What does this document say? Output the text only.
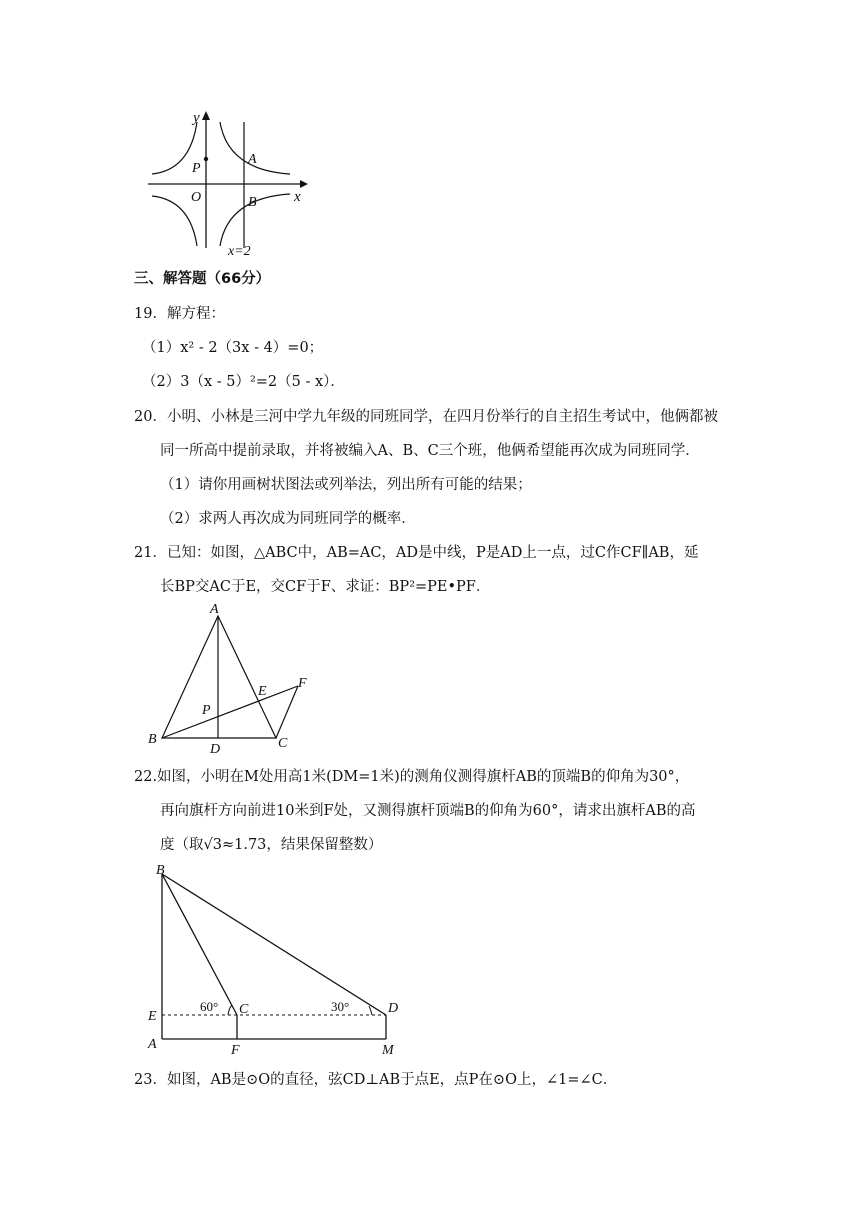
y
x
P
O
A
B
x=2
三、解答题（66分）
19．解方程：
（1）x² ‑ 2（3x ‑ 4）=0；
（2）3（x ‑ 5）²=2（5 ‑ x）．
20．小明、小林是三河中学九年级的同班同学，在四月份举行的自主招生考试中，他俩都被
同一所高中提前录取，并将被编入A、B、C三个班，他俩希望能再次成为同班同学．
（1）请你用画树状图法或列举法，列出所有可能的结果；
（2）求两人再次成为同班同学的概率．
21．已知：如图，△ABC中，AB=AC，AD是中线，P是AD上一点，过C作CF∥AB，延
长BP交AC于E，交CF于F、求证：BP²=PE•PF．
A
B	C
D
E
F
P
22.如图，小明在M处用高1米(DM=1米)的测角仪测得旗杆AB的顶端B的仰角为30°，
再向旗杆方向前进10米到F处，又测得旗杆顶端B的仰角为60°，请求出旗杆AB的高
度（取√3≈1.73，结果保留整数）
B
E
A
C	D
F	M
60°	30°
23．如图，AB是⊙O的直径，弦CD⊥AB于点E，点P在⊙O上，∠1=∠C．
